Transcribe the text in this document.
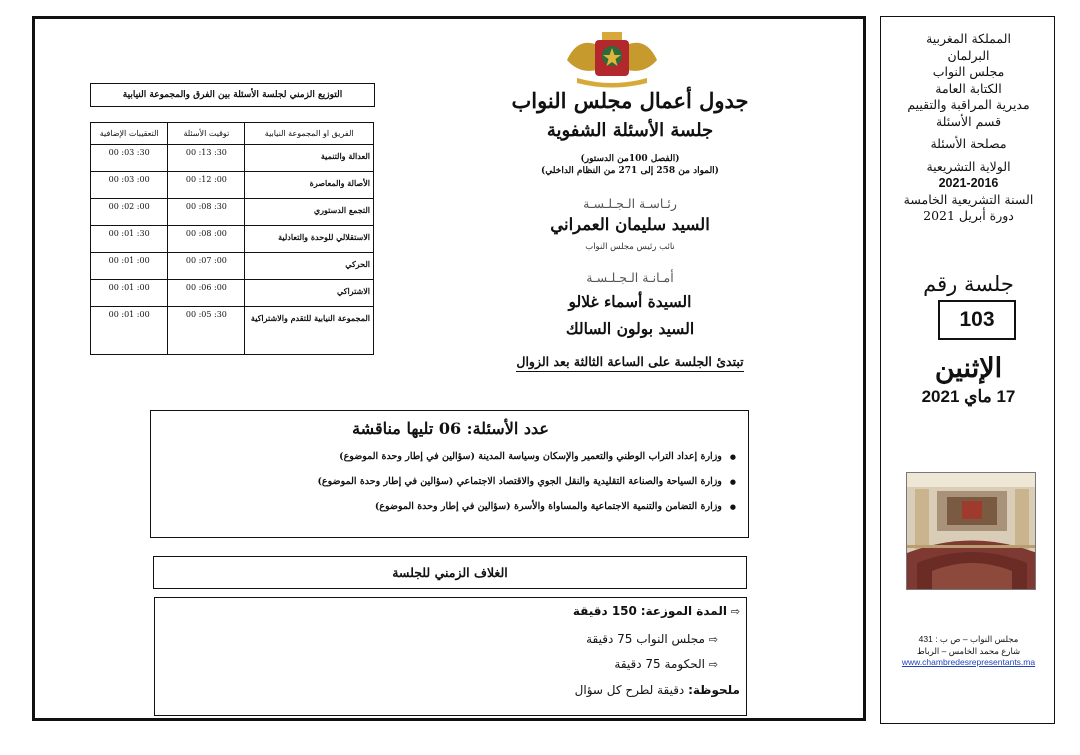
المملكة المغربية
البرلمان
مجلس النواب
الكتابة العامة
مديرية المراقبة والتقييم
قسم الأسئلة
مصلحة الأسئلة
الولاية التشريعية
2021-2016
السنة التشريعية الخامسة
دورة أبريل 2021
جلسة رقم
103
الإثنين
17 ماي 2021
مجلس النواب – ص ب : 431
شارع محمد الخامس – الرباط
www.chambredesrepresentants.ma
جدول أعمال مجلس النواب
جلسة الأسئلة الشفوية
(الفصل 100من الدستور)
(المواد من 258 إلى 271 من النظام الداخلي)
رئـاسـة الـجـلـسـة
السيد سليمان العمراني
نائب رئيس مجلس النواب
أمـانـة الـجـلـسـة
السيدة أسماء غلالو
السيد بولون السالك
تبتدئ الجلسة على الساعة الثالثة بعد الزوال
التوزيع الزمني لجلسة الأسئلة بين الفرق والمجموعة النيابية
التعقيبات الإضافية	توقيت الأسئلة	الفريق او المجموعة النيابية
00 :03 :30	00 :13 :30	العدالة والتنمية
00 :03 :00	00 :12 :00	الأصالة والمعاصرة
00 :02 :00	00 :08 :30	التجمع الدستوري
00 :01 :30	00 :08 :00	الاستقلالي للوحدة والتعادلية
00 :01 :00	00 :07 :00	الحركي
00 :01 :00	00 :06 :00	الاشتراكي
00 :01 :00	00 :05 :30	المجموعة النيابية للتقدم والاشتراكية
عدد الأسئلة: 06 تليها مناقشة
● وزارة إعداد التراب الوطني والتعمير والإسكان وسياسة المدينة (سؤالين في إطار وحدة الموضوع)
● وزارة السياحة والصناعة التقليدية والنقل الجوي والاقتصاد الاجتماعي (سؤالين في إطار وحدة الموضوع)
● وزارة التضامن والتنمية الاجتماعية والمساواة والأسرة (سؤالين في إطار وحدة الموضوع)
الغلاف الزمني للجلسة
⇨ المدة الموزعة: 150 دقيقة
⇨ مجلس النواب 75 دقيقة
⇨ الحكومة 75 دقيقة
ملحوظة: دقيقة لطرح كل سؤال
